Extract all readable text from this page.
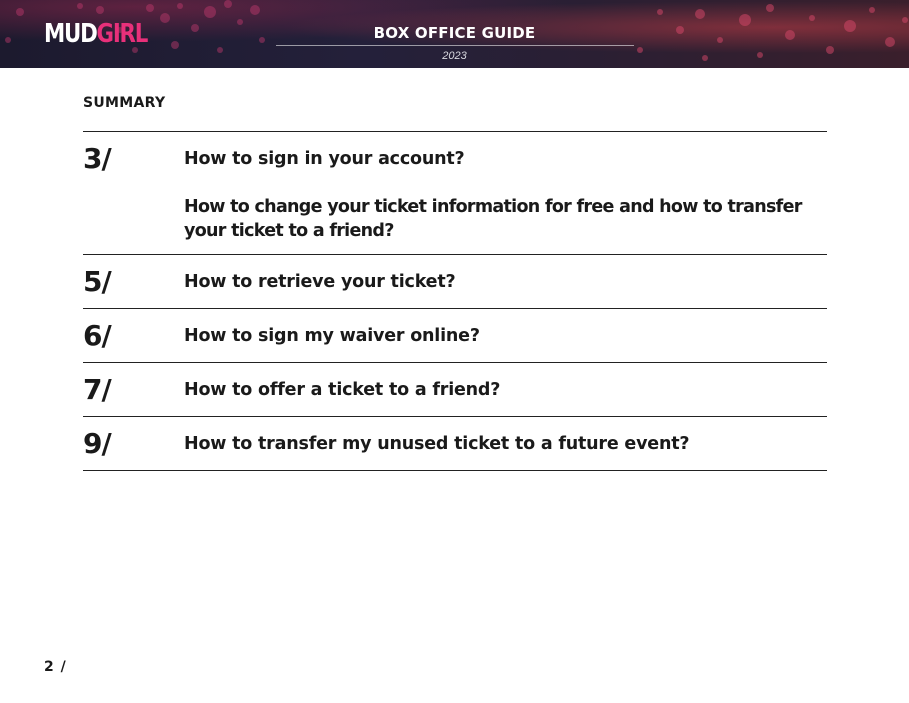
MUDGIRL	BOX OFFICE GUIDE
2023
SUMMARY
3/	How to sign in your account?
How to change your ticket information for free and how to transfer your ticket to a friend?
5/	How to retrieve your ticket?
6/	How to sign my waiver online?
7/	How to offer a ticket to a friend?
9/	How to transfer my unused ticket to a future event?
2 /
